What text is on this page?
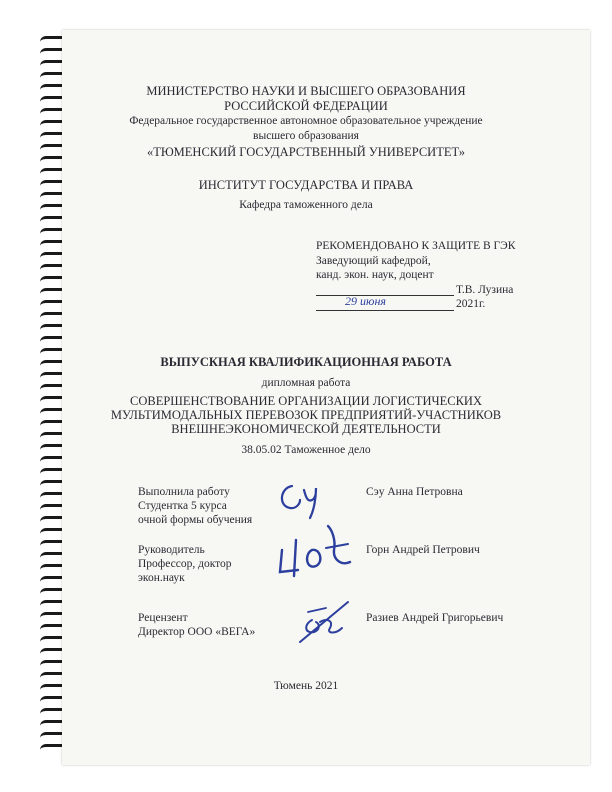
МИНИСТЕРСТВО НАУКИ И ВЫСШЕГО ОБРАЗОВАНИЯ
РОССИЙСКОЙ ФЕДЕРАЦИИ
Федеральное государственное автономное образовательное учреждение
высшего образования
«ТЮМЕНСКИЙ ГОСУДАРСТВЕННЫЙ УНИВЕРСИТЕТ»
ИНСТИТУТ ГОСУДАРСТВА И ПРАВА
Кафедра таможенного дела
РЕКОМЕНДОВАНО К ЗАЩИТЕ В ГЭК
Заведующий кафедрой,
канд. экон. наук, доцент
Т.В. Лузина
29 июня	2021г.
ВЫПУСКНАЯ КВАЛИФИКАЦИОННАЯ РАБОТА
дипломная работа
СОВЕРШЕНСТВОВАНИЕ ОРГАНИЗАЦИИ ЛОГИСТИЧЕСКИХ
МУЛЬТИМОДАЛЬНЫХ ПЕРЕВОЗОК ПРЕДПРИЯТИЙ-УЧАСТНИКОВ
ВНЕШНЕЭКОНОМИЧЕСКОЙ ДЕЯТЕЛЬНОСТИ
38.05.02 Таможенное дело
Выполнила работу
Студентка 5 курса
очной формы обучения
Сэу Анна Петровна
Руководитель
Профессор, доктор
экон.наук
Горн Андрей Петрович
Рецензент
Директор ООО «ВЕГА»
Разиев Андрей Григорьевич
Тюмень 2021
